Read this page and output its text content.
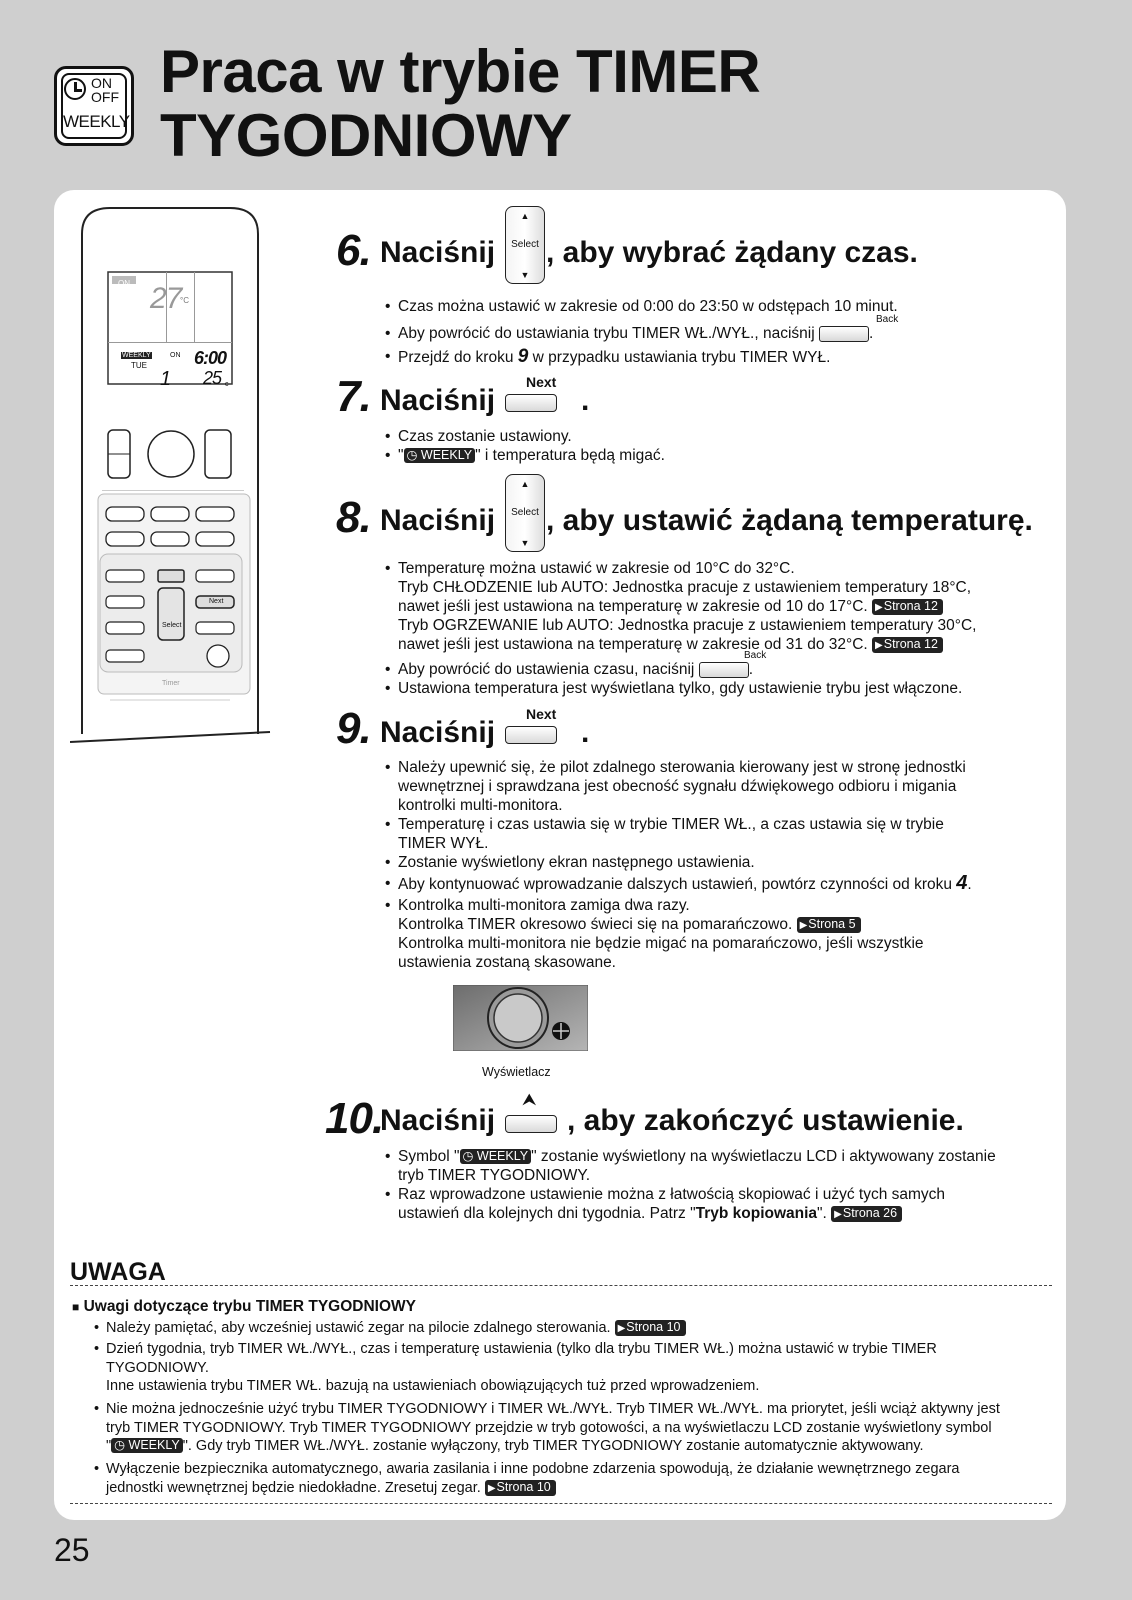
ON
OFF
WEEKLY
Praca w trybie TIMER
TYGODNIOWY
ON 27
°C
WEEKLY	ON 6:00
TUE
1 25 c
Next
Select
Timer
6. Naciśnij
▲
Select
▼
, aby wybrać żądany czas.
• Czas można ustawić w zakresie od 0:00 do 23:50 w odstępach 10 minut.
• Aby powrócić do ustawiania trybu TIMER WŁ./WYŁ., naciśnij	.
Back
• Przejdź do kroku 9 w przypadku ustawiania trybu TIMER WYŁ.
7. Naciśnij
Next
.
• Czas zostanie ustawiony.
• " ◷ WEEKLY " i temperatura będą migać.
8. Naciśnij
▲
Select
▼
, aby ustawić żądaną temperaturę.
• Temperaturę można ustawić w zakresie od 10°C do 32°C.
Tryb CHŁODZENIE lub AUTO: Jednostka pracuje z ustawieniem temperatury 18°C,
nawet jeśli jest ustawiona na temperaturę w zakresie od 10 do 17°C. ▶ Strona 12
Tryb OGRZEWANIE lub AUTO: Jednostka pracuje z ustawieniem temperatury 30°C,
nawet jeśli jest ustawiona na temperaturę w zakresie od 31 do 32°C. ▶ Strona 12
• Aby powrócić do ustawienia czasu, naciśnij	.
Back
• Ustawiona temperatura jest wyświetlana tylko, gdy ustawienie trybu jest włączone.
9. Naciśnij
Next
.
• Należy upewnić się, że pilot zdalnego sterowania kierowany jest w stronę jednostki
wewnętrznej i sprawdzana jest obecność sygnału dźwiękowego odbioru i migania
kontrolki multi-monitora.
• Temperaturę i czas ustawia się w trybie TIMER WŁ., a czas ustawia się w trybie
TIMER WYŁ.
• Zostanie wyświetlony ekran następnego ustawienia.
• Aby kontynuować wprowadzanie dalszych ustawień, powtórz czynności od kroku 4.
• Kontrolka multi-monitora zamiga dwa razy.
Kontrolka TIMER okresowo świeci się na pomarańczowo. ▶ Strona 5
Kontrolka multi-monitora nie będzie migać na pomarańczowo, jeśli wszystkie
ustawienia zostaną skasowane.
Wyświetlacz
10.
Naciśnij
⮝
, aby zakończyć ustawienie.
• Symbol " ◷ WEEKLY " zostanie wyświetlony na wyświetlaczu LCD i aktywowany zostanie
tryb TIMER TYGODNIOWY.
• Raz wprowadzone ustawienie można z łatwością skopiować i użyć tych samych
ustawień dla kolejnych dni tygodnia. Patrz "Tryb kopiowania". ▶ Strona 26
UWAGA
■ Uwagi dotyczące trybu TIMER TYGODNIOWY
• Należy pamiętać, aby wcześniej ustawić zegar na pilocie zdalnego sterowania. ▶ Strona 10
• Dzień tygodnia, tryb TIMER WŁ./WYŁ., czas i temperaturę ustawienia (tylko dla trybu TIMER WŁ.) można ustawić w trybie TIMER
TYGODNIOWY.
Inne ustawienia trybu TIMER WŁ. bazują na ustawieniach obowiązujących tuż przed wprowadzeniem.
• Nie można jednocześnie użyć trybu TIMER TYGODNIOWY i TIMER WŁ./WYŁ. Tryb TIMER WŁ./WYŁ. ma priorytet, jeśli wciąż aktywny jest
tryb TIMER TYGODNIOWY. Tryb TIMER TYGODNIOWY przejdzie w tryb gotowości, a na wyświetlaczu LCD zostanie wyświetlony symbol
" ◷ WEEKLY ". Gdy tryb TIMER WŁ./WYŁ. zostanie wyłączony, tryb TIMER TYGODNIOWY zostanie automatycznie aktywowany.
• Wyłączenie bezpiecznika automatycznego, awaria zasilania i inne podobne zdarzenia spowodują, że działanie wewnętrznego zegara
jednostki wewnętrznej będzie niedokładne. Zresetuj zegar. ▶ Strona 10
25
